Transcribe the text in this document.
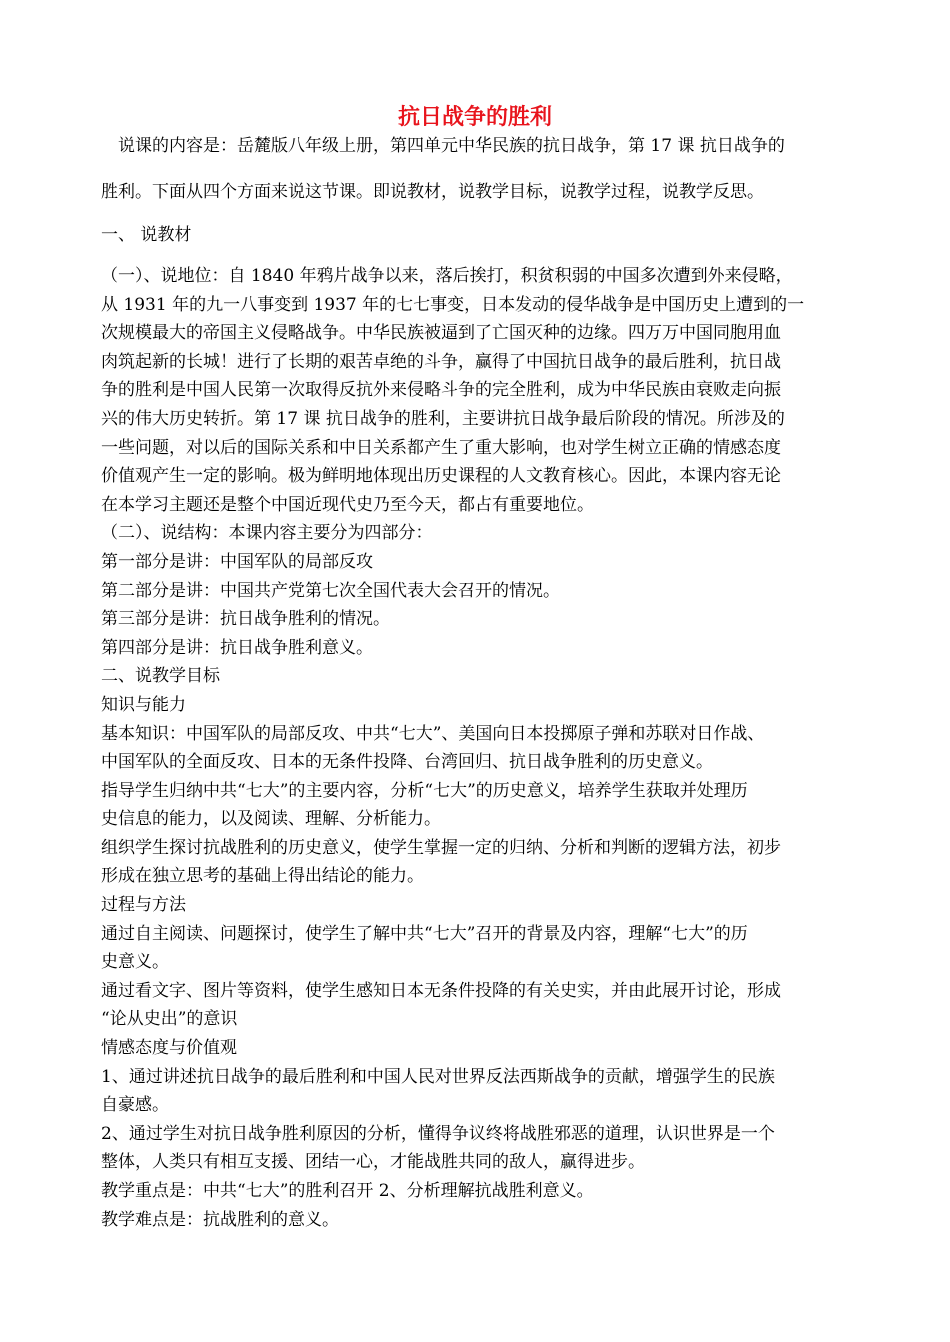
抗日战争的胜利
说课的内容是：岳麓版八年级上册，第四单元中华民族的抗日战争，第 17 课 抗日战争的
胜利。下面从四个方面来说这节课。即说教材，说教学目标，说教学过程，说教学反思。
一、 说教材
（一）、说地位：自 1840 年鸦片战争以来，落后挨打，积贫积弱的中国多次遭到外来侵略，
从 1931 年的九一八事变到 1937 年的七七事变，日本发动的侵华战争是中国历史上遭到的一
次规模最大的帝国主义侵略战争。中华民族被逼到了亡国灭种的边缘。四万万中国同胞用血
肉筑起新的长城！进行了长期的艰苦卓绝的斗争，赢得了中国抗日战争的最后胜利，抗日战
争的胜利是中国人民第一次取得反抗外来侵略斗争的完全胜利，成为中华民族由衰败走向振
兴的伟大历史转折。第 17 课 抗日战争的胜利，主要讲抗日战争最后阶段的情况。所涉及的
一些问题，对以后的国际关系和中日关系都产生了重大影响，也对学生树立正确的情感态度
价值观产生一定的影响。极为鲜明地体现出历史课程的人文教育核心。因此，本课内容无论
在本学习主题还是整个中国近现代史乃至今天，都占有重要地位。
（二）、说结构：本课内容主要分为四部分：
第一部分是讲：中国军队的局部反攻
第二部分是讲：中国共产党第七次全国代表大会召开的情况。
第三部分是讲：抗日战争胜利的情况。
第四部分是讲：抗日战争胜利意义。
二、说教学目标
知识与能力
基本知识：中国军队的局部反攻、中共“七大”、美国向日本投掷原子弹和苏联对日作战、
中国军队的全面反攻、日本的无条件投降、台湾回归、抗日战争胜利的历史意义。
指导学生归纳中共“七大”的主要内容，分析“七大”的历史意义，培养学生获取并处理历
史信息的能力，以及阅读、理解、分析能力。
组织学生探讨抗战胜利的历史意义，使学生掌握一定的归纳、分析和判断的逻辑方法，初步
形成在独立思考的基础上得出结论的能力。
过程与方法
通过自主阅读、问题探讨，使学生了解中共“七大”召开的背景及内容，理解“七大”的历
史意义。
通过看文字、图片等资料，使学生感知日本无条件投降的有关史实，并由此展开讨论，形成
“论从史出”的意识
情感态度与价值观
1、通过讲述抗日战争的最后胜利和中国人民对世界反法西斯战争的贡献，增强学生的民族
自豪感。
2、通过学生对抗日战争胜利原因的分析，懂得争议终将战胜邪恶的道理，认识世界是一个
整体，人类只有相互支援、团结一心，才能战胜共同的敌人，赢得进步。
教学重点是：中共“七大”的胜利召开 2、分析理解抗战胜利意义。
教学难点是：抗战胜利的意义。
